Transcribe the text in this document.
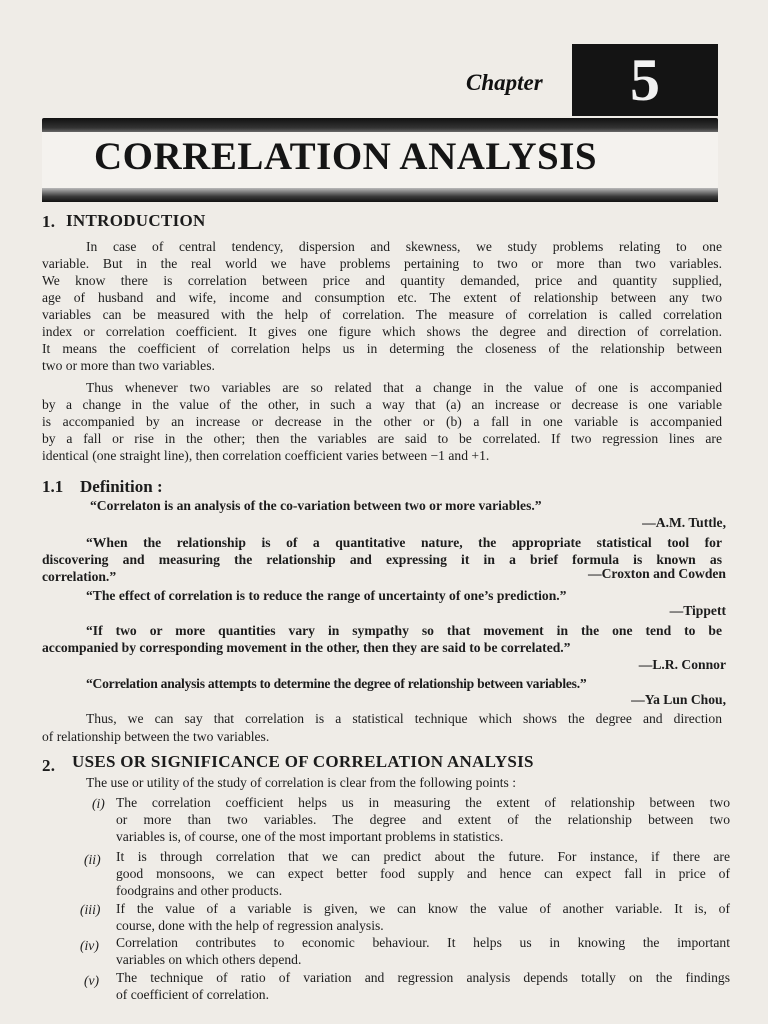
Chapter	5
CORRELATION ANALYSIS
1. INTRODUCTION
In case of central tendency, dispersion and skewness, we study problems relating to one
variable. But in the real world we have problems pertaining to two or more than two variables.
We know there is correlation between price and quantity demanded, price and quantity supplied,
age of husband and wife, income and consumption etc. The extent of relationship between any two
variables can be measured with the help of correlation. The measure of correlation is called correlation
index or correlation coefficient. It gives one figure which shows the degree and direction of correlation.
It means the coefficient of correlation helps us in determing the closeness of the relationship between
two or more than two variables.
Thus whenever two variables are so related that a change in the value of one is accompanied
by a change in the value of the other, in such a way that (a) an increase or decrease is one variable
is accompanied by an increase or decrease in the other or (b) a fall in one variable is accompanied
by a fall or rise in the other; then the variables are said to be correlated. If two regression lines are
identical (one straight line), then correlation coefficient varies between −1 and +1.
1.1 Definition :
“Correlaton is an analysis of the co-variation between two or more variables.”
—A.M. Tuttle,
“When the relationship is of a quantitative nature, the appropriate statistical tool for
discovering and measuring the relationship and expressing it in a brief formula is known as
correlation.”	—Croxton and Cowden
“The effect of correlation is to reduce the range of uncertainty of one’s prediction.”
—Tippett
“If two or more quantities vary in sympathy so that movement in the one tend to be
accompanied by corresponding movement in the other, then they are said to be correlated.”
—L.R. Connor
“Correlation analysis attempts to determine the degree of relationship between variables.”
—Ya Lun Chou,
Thus, we can say that correlation is a statistical technique which shows the degree and direction
of relationship between the two variables.
2. USES OR SIGNIFICANCE OF CORRELATION ANALYSIS
The use or utility of the study of correlation is clear from the following points :
(i) The correlation coefficient helps us in measuring the extent of relationship between two
or more than two variables. The degree and extent of the relationship between two
variables is, of course, one of the most important problems in statistics.
(ii) It is through correlation that we can predict about the future. For instance, if there are
good monsoons, we can expect better food supply and hence can expect fall in price of
foodgrains and other products.
(iii) If the value of a variable is given, we can know the value of another variable. It is, of
course, done with the help of regression analysis.
(iv) Correlation contributes to economic behaviour. It helps us in knowing the important
variables on which others depend.
(v) The technique of ratio of variation and regression analysis depends totally on the findings
of coefficient of correlation.
